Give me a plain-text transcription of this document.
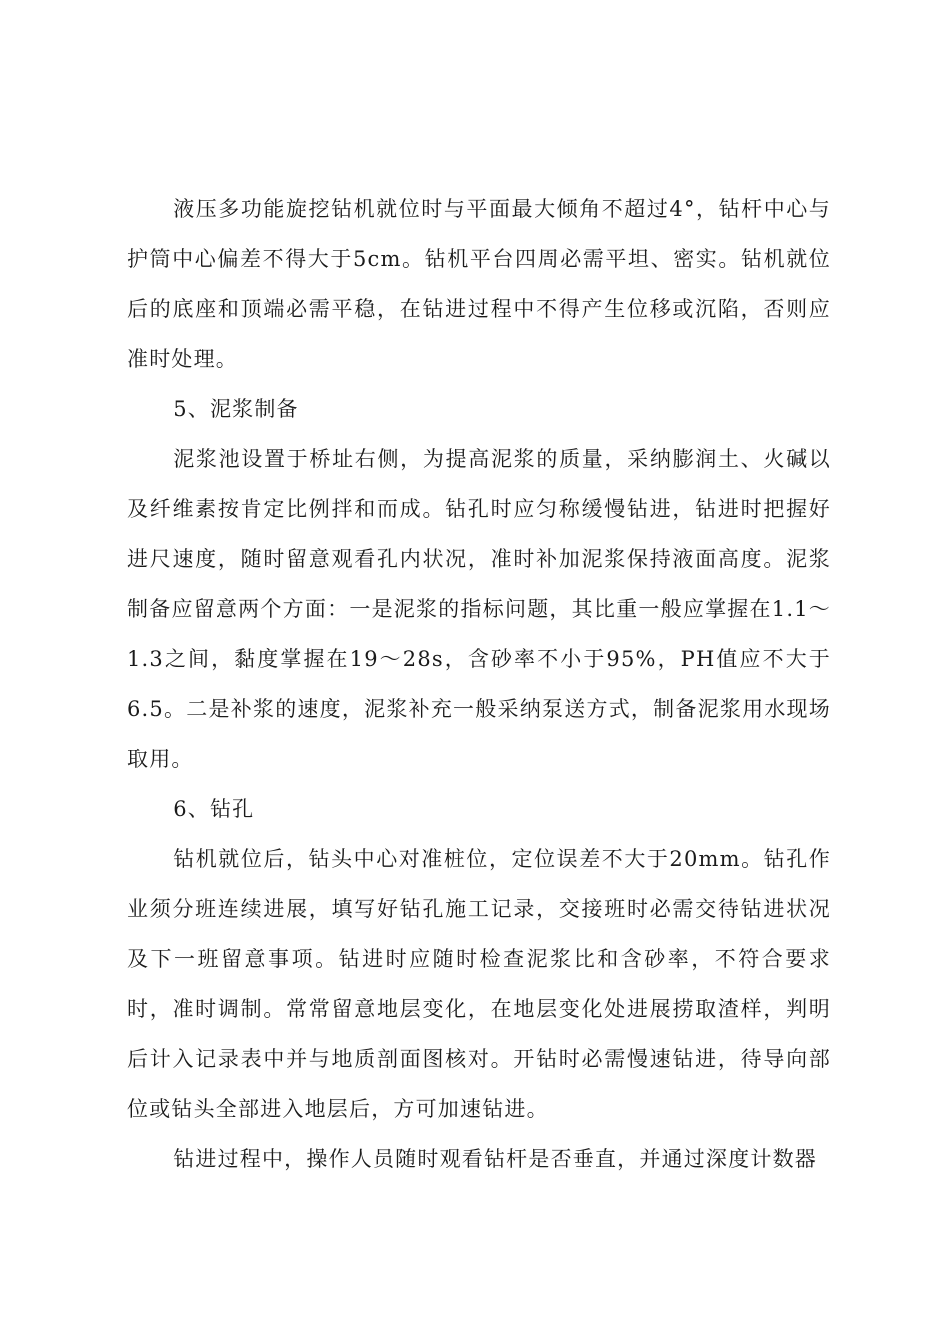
液压多功能旋挖钻机就位时与平面最大倾角不超过4°，钻杆中心与护筒中心偏差不得大于5cm。钻机平台四周必需平坦、密实。钻机就位后的底座和顶端必需平稳，在钻进过程中不得产生位移或沉陷，否则应准时处理。

5、泥浆制备

泥浆池设置于桥址右侧，为提高泥浆的质量，采纳膨润土、火碱以及纤维素按肯定比例拌和而成。钻孔时应匀称缓慢钻进，钻进时把握好进尺速度，随时留意观看孔内状况，准时补加泥浆保持液面高度。泥浆制备应留意两个方面：一是泥浆的指标问题，其比重一般应掌握在1.1～1.3之间，黏度掌握在19～28s，含砂率不小于95%，PH值应不大于6.5。二是补浆的速度，泥浆补充一般采纳泵送方式，制备泥浆用水现场取用。

6、钻孔

钻机就位后，钻头中心对准桩位，定位误差不大于20mm。钻孔作业须分班连续进展，填写好钻孔施工记录，交接班时必需交待钻进状况及下一班留意事项。钻进时应随时检查泥浆比和含砂率，不符合要求时，准时调制。常常留意地层变化，在地层变化处进展捞取渣样，判明后计入记录表中并与地质剖面图核对。开钻时必需慢速钻进，待导向部位或钻头全部进入地层后，方可加速钻进。

钻进过程中，操作人员随时观看钻杆是否垂直，并通过深度计数器
